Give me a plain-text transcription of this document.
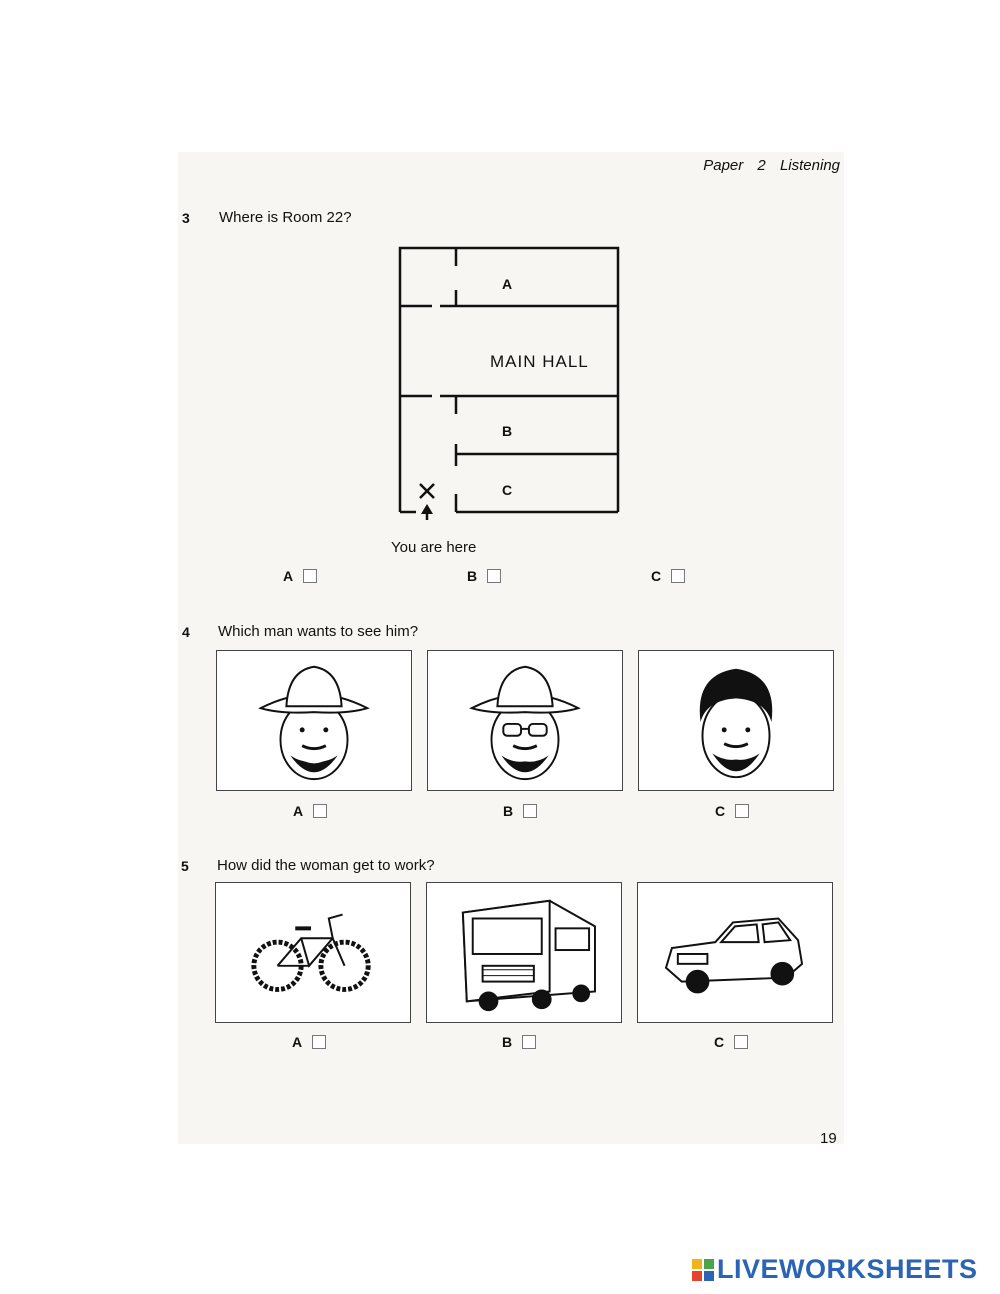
Paper 2 Listening
3 Where is Room 22?
A
MAIN HALL
B
C
You are here
A	B	C
4 Which man wants to see him?
A	B	C
5 How did the woman get to work?
A	B	C
19
LIVEWORKSHEETS
